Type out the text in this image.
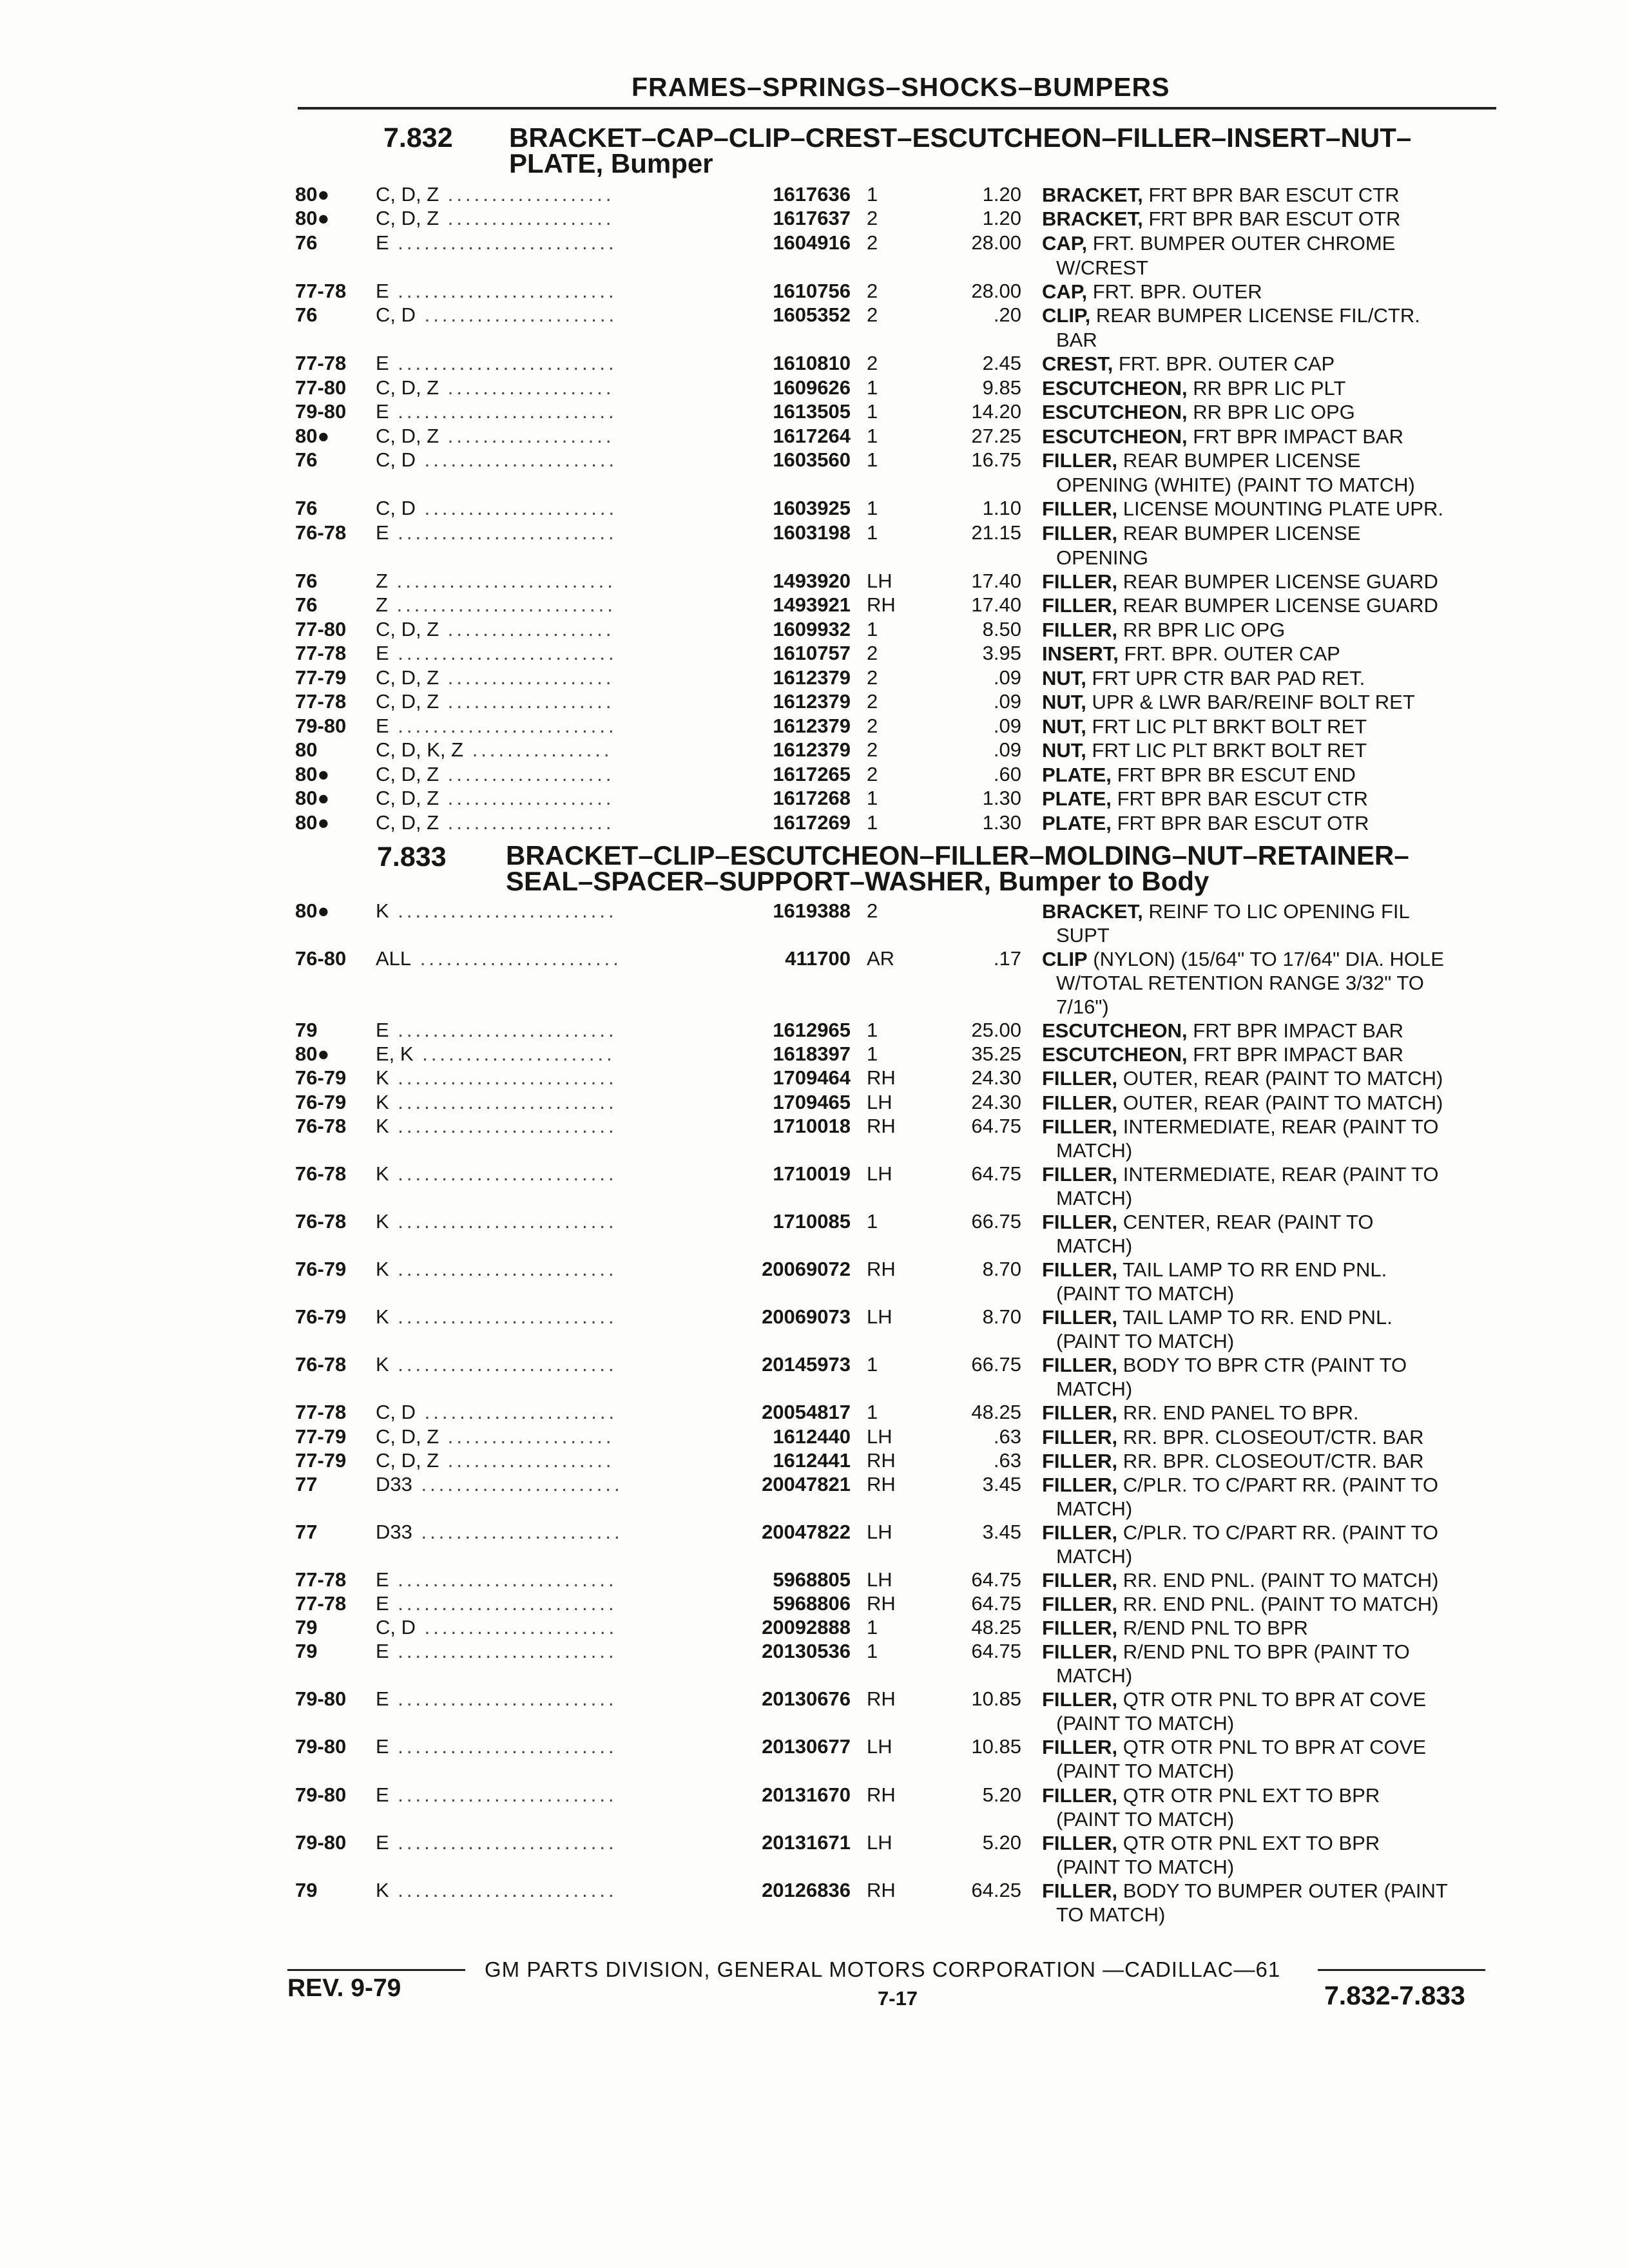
FRAMES–SPRINGS–SHOCKS–BUMPERS
7.832 BRACKET–CAP–CLIP–CREST–ESCUTCHEON–FILLER–INSERT–NUT–
PLATE, Bumper
80● C, D, Z ...................	1617636 1	1.20 BRACKET, FRT BPR BAR ESCUT CTR
80● C, D, Z ...................	1617637 2	1.20 BRACKET, FRT BPR BAR ESCUT OTR
76	E .........................	1604916 2	28.00 CAP, FRT. BUMPER OUTER CHROME
W/CREST
77-78 E .........................	1610756 2	28.00 CAP, FRT. BPR. OUTER
76	C, D ......................	1605352 2	.20 CLIP, REAR BUMPER LICENSE FIL/CTR.
BAR
77-78 E .........................	1610810 2	2.45 CREST, FRT. BPR. OUTER CAP
77-80 C, D, Z ...................	1609626 1	9.85 ESCUTCHEON, RR BPR LIC PLT
79-80 E .........................	1613505 1	14.20 ESCUTCHEON, RR BPR LIC OPG
80● C, D, Z ...................	1617264 1	27.25 ESCUTCHEON, FRT BPR IMPACT BAR
76	C, D ......................	1603560 1	16.75 FILLER, REAR BUMPER LICENSE
OPENING (WHITE) (PAINT TO MATCH)
76	C, D ......................	1603925 1	1.10 FILLER, LICENSE MOUNTING PLATE UPR.
76-78 E .........................	1603198 1	21.15 FILLER, REAR BUMPER LICENSE
OPENING
76	Z .........................	1493920 LH	17.40 FILLER, REAR BUMPER LICENSE GUARD
76	Z .........................	1493921 RH	17.40 FILLER, REAR BUMPER LICENSE GUARD
77-80 C, D, Z ...................	1609932 1	8.50 FILLER, RR BPR LIC OPG
77-78 E .........................	1610757 2	3.95 INSERT, FRT. BPR. OUTER CAP
77-79 C, D, Z ...................	1612379 2	.09 NUT, FRT UPR CTR BAR PAD RET.
77-78 C, D, Z ...................	1612379 2	.09 NUT, UPR & LWR BAR/REINF BOLT RET
79-80 E .........................	1612379 2	.09 NUT, FRT LIC PLT BRKT BOLT RET
80	C, D, K, Z ................	1612379 2	.09 NUT, FRT LIC PLT BRKT BOLT RET
80● C, D, Z ...................	1617265 2	.60 PLATE, FRT BPR BR ESCUT END
80● C, D, Z ...................	1617268 1	1.30 PLATE, FRT BPR BAR ESCUT CTR
80● C, D, Z ...................	1617269 1	1.30 PLATE, FRT BPR BAR ESCUT OTR
7.833 BRACKET–CLIP–ESCUTCHEON–FILLER–MOLDING–NUT–RETAINER–
SEAL–SPACER–SUPPORT–WASHER, Bumper to Body
80● K .........................	1619388 2	BRACKET, REINF TO LIC OPENING FIL
SUPT
76-80 ALL .......................	411700 AR	.17 CLIP (NYLON) (15/64" TO 17/64" DIA. HOLE
W/TOTAL RETENTION RANGE 3/32" TO
7/16")
79	E .........................	1612965 1	25.00 ESCUTCHEON, FRT BPR IMPACT BAR
80● E, K ......................	1618397 1	35.25 ESCUTCHEON, FRT BPR IMPACT BAR
76-79 K .........................	1709464 RH	24.30 FILLER, OUTER, REAR (PAINT TO MATCH)
76-79 K .........................	1709465 LH	24.30 FILLER, OUTER, REAR (PAINT TO MATCH)
76-78 K .........................	1710018 RH	64.75 FILLER, INTERMEDIATE, REAR (PAINT TO
MATCH)
76-78 K .........................	1710019 LH	64.75 FILLER, INTERMEDIATE, REAR (PAINT TO
MATCH)
76-78 K .........................	1710085 1	66.75 FILLER, CENTER, REAR (PAINT TO
MATCH)
76-79 K .........................	20069072 RH	8.70 FILLER, TAIL LAMP TO RR END PNL.
(PAINT TO MATCH)
76-79 K .........................	20069073 LH	8.70 FILLER, TAIL LAMP TO RR. END PNL.
(PAINT TO MATCH)
76-78 K .........................	20145973 1	66.75 FILLER, BODY TO BPR CTR (PAINT TO
MATCH)
77-78 C, D ......................	20054817 1	48.25 FILLER, RR. END PANEL TO BPR.
77-79 C, D, Z ...................	1612440 LH	.63 FILLER, RR. BPR. CLOSEOUT/CTR. BAR
77-79 C, D, Z ...................	1612441 RH	.63 FILLER, RR. BPR. CLOSEOUT/CTR. BAR
77	D33 .......................	20047821 RH	3.45 FILLER, C/PLR. TO C/PART RR. (PAINT TO
MATCH)
77	D33 .......................	20047822 LH	3.45 FILLER, C/PLR. TO C/PART RR. (PAINT TO
MATCH)
77-78 E .........................	5968805 LH	64.75 FILLER, RR. END PNL. (PAINT TO MATCH)
77-78 E .........................	5968806 RH	64.75 FILLER, RR. END PNL. (PAINT TO MATCH)
79	C, D ......................	20092888 1	48.25 FILLER, R/END PNL TO BPR
79	E .........................	20130536 1	64.75 FILLER, R/END PNL TO BPR (PAINT TO
MATCH)
79-80 E .........................	20130676 RH	10.85 FILLER, QTR OTR PNL TO BPR AT COVE
(PAINT TO MATCH)
79-80 E .........................	20130677 LH	10.85 FILLER, QTR OTR PNL TO BPR AT COVE
(PAINT TO MATCH)
79-80 E .........................	20131670 RH	5.20 FILLER, QTR OTR PNL EXT TO BPR
(PAINT TO MATCH)
79-80 E .........................	20131671 LH	5.20 FILLER, QTR OTR PNL EXT TO BPR
(PAINT TO MATCH)
79	K .........................	20126836 RH	64.25 FILLER, BODY TO BUMPER OUTER (PAINT
TO MATCH)
GM PARTS DIVISION, GENERAL MOTORS CORPORATION —CADILLAC—61
REV. 9-79	7-17	7.832-7.833
